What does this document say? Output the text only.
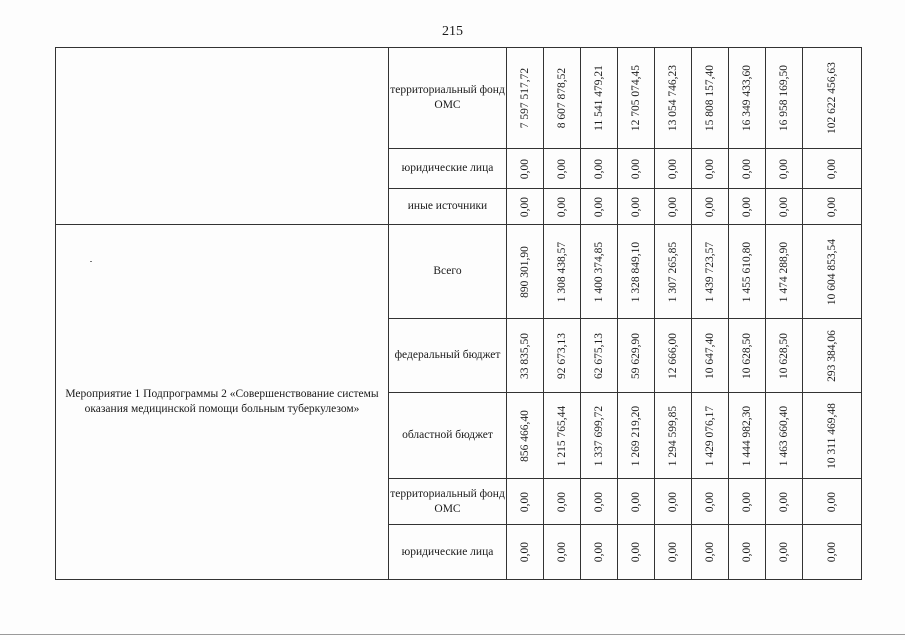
215
	территориальный фонд ОМС	7 597 517,72	8 607 878,52	11 541 479,21	12 705 074,45	13 054 746,23	15 808 157,40	16 349 433,60	16 958 169,50	102 622 456,63

	юридические лица	0,00	0,00	0,00	0,00	0,00	0,00	0,00	0,00	0,00

	иные источники	0,00	0,00	0,00	0,00	0,00	0,00	0,00	0,00	0,00

Мероприятие 1 Подпрограммы 2 «Совершенствование системы оказания медицинской помощи больным туберкулезом»	Всего	890 301,90	1 308 438,57	1 400 374,85	1 328 849,10	1 307 265,85	1 439 723,57	1 455 610,80	1 474 288,90	10 604 853,54

	федеральный бюджет	33 835,50	92 673,13	62 675,13	59 629,90	12 666,00	10 647,40	10 628,50	10 628,50	293 384,06

	областной бюджет	856 466,40	1 215 765,44	1 337 699,72	1 269 219,20	1 294 599,85	1 429 076,17	1 444 982,30	1 463 660,40	10 311 469,48

	территориальный фонд ОМС	0,00	0,00	0,00	0,00	0,00	0,00	0,00	0,00	0,00

	юридические лица	0,00	0,00	0,00	0,00	0,00	0,00	0,00	0,00	0,00
